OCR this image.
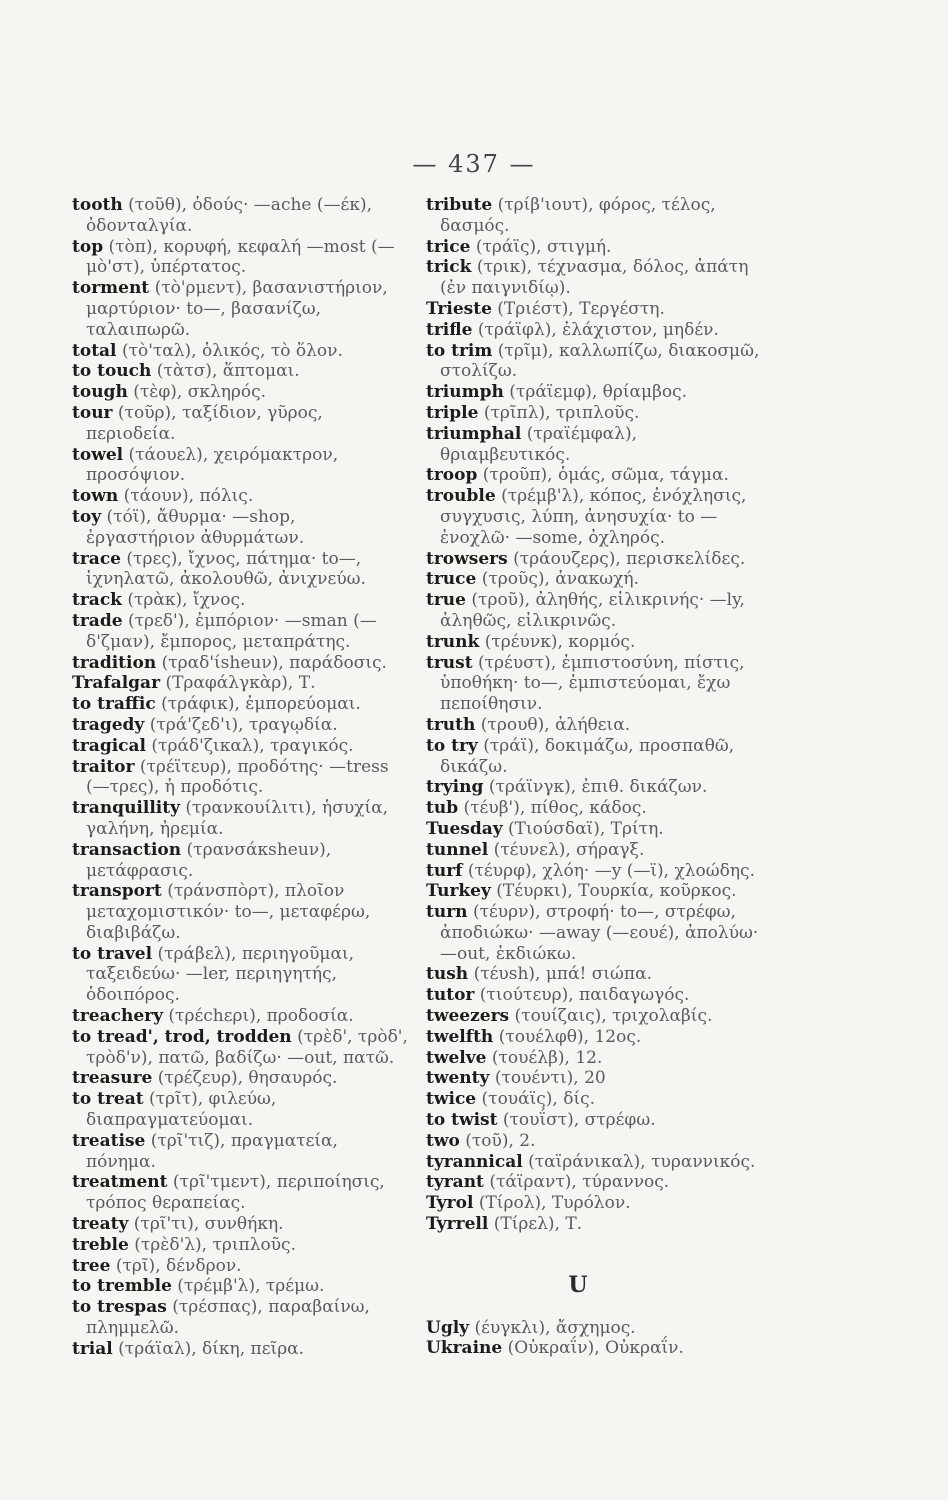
— 437 —

tooth (τοῦθ), ὀδούς· —ache (—έκ), ὀδονταλγία.

top (τὸπ), κορυφή, κεφαλή —most (—μὸ'στ), ὑπέρτατος.

torment (τὸ'ρμεντ), βασανιστήριον, μαρτύριον· to—, βασανίζω, ταλαιπωρῶ.

total (τὸ'ταλ), ὁλικός, τὸ ὅλον.

to touch (τὰτσ), ἅπτομαι.

tough (τὲφ), σκληρός.

tour (τοῦρ), ταξίδιον, γῦρος, περιοδεία.

towel (τάουελ), χειρόμακτρον, προσόψιον.

town (τάουν), πόλις.

toy (τόϊ), ἄθυρμα· —shop, ἐργαστήριον ἀθυρμάτων.

trace (τρες), ἴχνος, πάτημα· to—, ἰχνηλατῶ, ἀκολουθῶ, ἀνιχνεύω.

track (τρὰκ), ἴχνος.

trade (τρεδ'), ἐμπόριον· —sman (—δ'ζμαν), ἔμπορος, μεταπράτης.

tradition (τραδ'ίsheuν), παράδοσις.

Trafalgar (Τραφάλγκὰρ), Τ.

to traffic (τράφικ), ἐμπορεύομαι.

tragedy (τρά'ζεδ'ι), τραγῳδία.

tragical (τράδ'ζικαλ), τραγικός.

traitor (τρέϊτευρ), προδότης· —tress (—τρες), ἡ προδότις.

tranquillity (τρανκουίλιτι), ἡσυχία, γαλήνη, ἠρεμία.

transaction (τρανσάκsheuν), μετάφρασις.

transport (τράνσπὸρτ), πλοῖον μεταχομιστικόν· to—, μεταφέρω, διαβιβάζω.

to travel (τράβελ), περιηγοῦμαι, ταξειδεύω· —ler, περιηγητής, ὁδοιπόρος.

treachery (τρέchερι), προδοσία.

to tread', trod, trodden (τρὲδ', τρὸδ', τρὸδ'ν), πατῶ, βαδίζω· —out, πατῶ.

treasure (τρέζευρ), θησαυρός.

to treat (τρῖτ), φιλεύω, διαπραγματεύομαι.

treatise (τρῖ'τιζ), πραγματεία, πόνημα.

treatment (τρῖ'τμεντ), περιποίησις, τρόπος θεραπείας.

treaty (τρῖ'τι), συνθήκη.

treble (τρὲδ'λ), τριπλοῦς.

tree (τρῖ), δένδρον.

to tremble (τρέμβ'λ), τρέμω.

to trespas (τρέσπας), παραβαίνω, πλημμελῶ.

trial (τράϊαλ), δίκη, πεῖρα.

tribute (τρίβ'ιουτ), φόρος, τέλος, δασμός.

trice (τράϊς), στιγμή.

trick (τρικ), τέχνασμα, δόλος, ἀπάτη (ἐν παιγνιδίῳ).

Trieste (Τριέστ), Τεργέστη.

trifle (τράϊφλ), ἐλάχιστον, μηδέν.

to trim (τρῖμ), καλλωπίζω, διακοσμῶ, στολίζω.

triumph (τράϊεμφ), θρίαμβος.

triple (τρῖπλ), τριπλοῦς.

triumphal (τραϊέμφαλ), θριαμβευτικός.

troop (τροῦπ), ὁμάς, σῶμα, τάγμα.

trouble (τρέμβ'λ), κόπος, ἐνόχλησις, συγχυσις, λύπη, ἀνησυχία· to —ἐνοχλῶ· —some, ὀχληρός.

trowsers (τράουζερς), περισκελίδες.

truce (τροῦς), ἀνακωχή.

true (τροῦ), ἀληθής, εἰλικρινής· —ly, ἀληθῶς, εἰλικρινῶς.

trunk (τρέυνκ), κορμός.

trust (τρέυστ), ἐμπιστοσύνη, πίστις, ὑποθήκη· to—, ἐμπιστεύομαι, ἔχω πεποίθησιν.

truth (τρουθ), ἀλήθεια.

to try (τράϊ), δοκιμάζω, προσπαθῶ, δικάζω.

trying (τράϊνγκ), ἐπιθ. δικάζων.

tub (τέυβ'), πίθος, κάδος.

Tuesday (Τιούσδαϊ), Τρίτη.

tunnel (τέυνελ), σήραγξ.

turf (τέυρφ), χλόη· —y (—ϊ), χλοώδης.

Turkey (Τέυρκι), Τουρκία, κοῦρκος.

turn (τέυρν), στροφή· to—, στρέφω, ἀποδιώκω· —away (—εουέ), ἀπολύω· —out, ἐκδιώκω.

tush (τέυsh), μπά! σιώπα.

tutor (τιούτευρ), παιδαγωγός.

tweezers (τουίζαις), τριχολαβίς.

twelfth (τουέλφθ), 12ος.

twelve (τουέλβ), 12.

twenty (τουέντι), 20

twice (τουάϊς), δίς.

to twist (τουΐστ), στρέφω.

two (τοῦ), 2.

tyrannical (ταϊράνικαλ), τυραννικός.

tyrant (τάϊραντ), τύραννος.

Tyrol (Τίρολ), Τυρόλον.

Tyrrell (Τίρελ), Τ.

U

Ugly (έυγκλι), ἄσχημος.

Ukraine (Οὐκραΐν), Οὐκραΐν.
